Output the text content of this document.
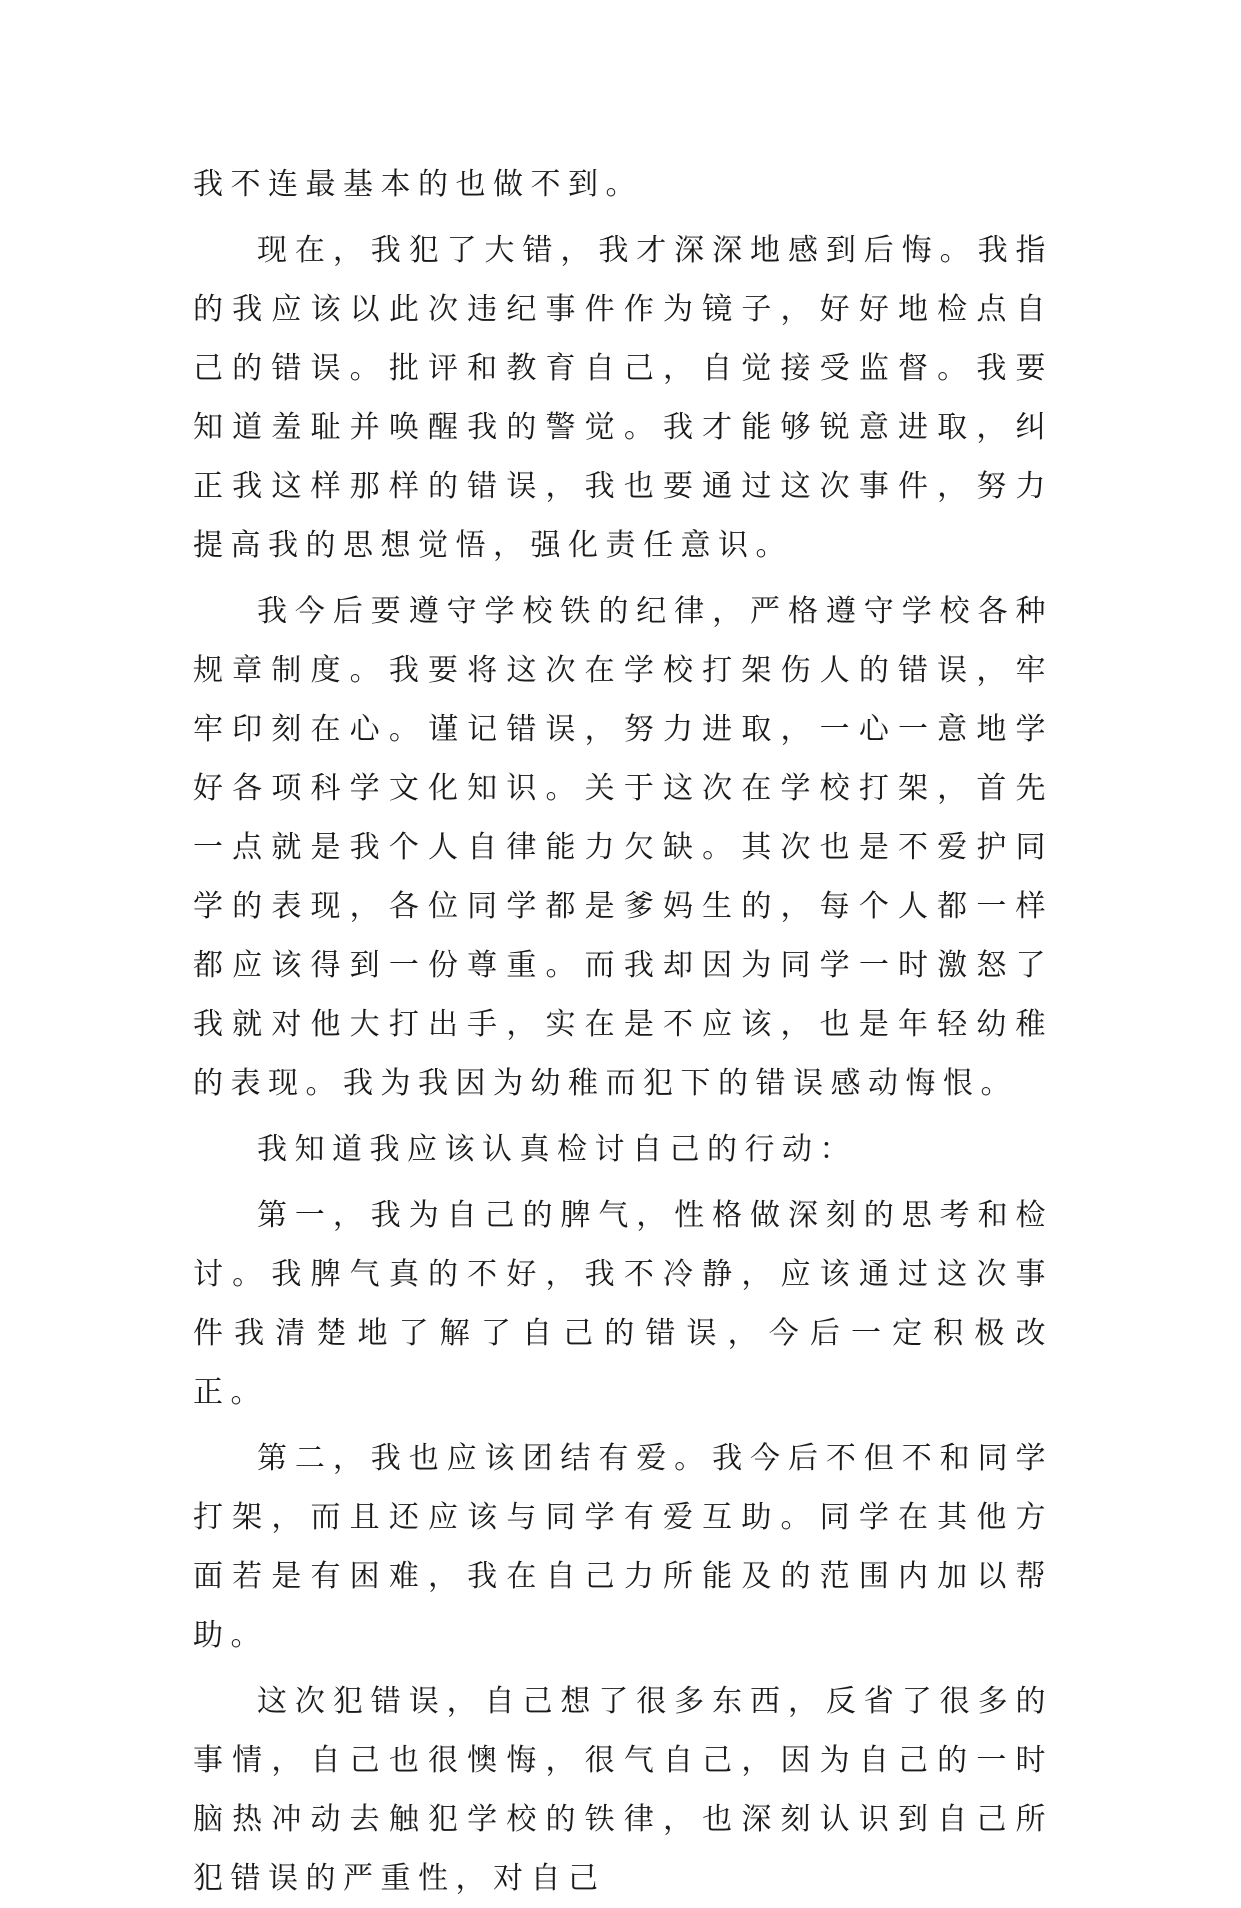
我不连最基本的也做不到。

现在，我犯了大错，我才深深地感到后悔。我指的我应该以此次违纪事件作为镜子，好好地检点自己的错误。批评和教育自己，自觉接受监督。我要知道羞耻并唤醒我的警觉。我才能够锐意进取，纠正我这样那样的错误，我也要通过这次事件，努力提高我的思想觉悟，强化责任意识。

我今后要遵守学校铁的纪律，严格遵守学校各种规章制度。我要将这次在学校打架伤人的错误，牢牢印刻在心。谨记错误，努力进取，一心一意地学好各项科学文化知识。关于这次在学校打架，首先一点就是我个人自律能力欠缺。其次也是不爱护同学的表现，各位同学都是爹妈生的，每个人都一样都应该得到一份尊重。而我却因为同学一时激怒了我就对他大打出手，实在是不应该，也是年轻幼稚的表现。我为我因为幼稚而犯下的错误感动悔恨。

我知道我应该认真检讨自己的行动：

第一，我为自己的脾气，性格做深刻的思考和检讨。我脾气真的不好，我不冷静，应该通过这次事件我清楚地了解了自己的错误，今后一定积极改正。

第二，我也应该团结有爱。我今后不但不和同学打架，而且还应该与同学有爱互助。同学在其他方面若是有困难，我在自己力所能及的范围内加以帮助。

这次犯错误，自己想了很多东西，反省了很多的事情，自己也很懊悔，很气自己，因为自己的一时脑热冲动去触犯学校的铁律，也深刻认识到自己所犯错误的严重性，对自己
